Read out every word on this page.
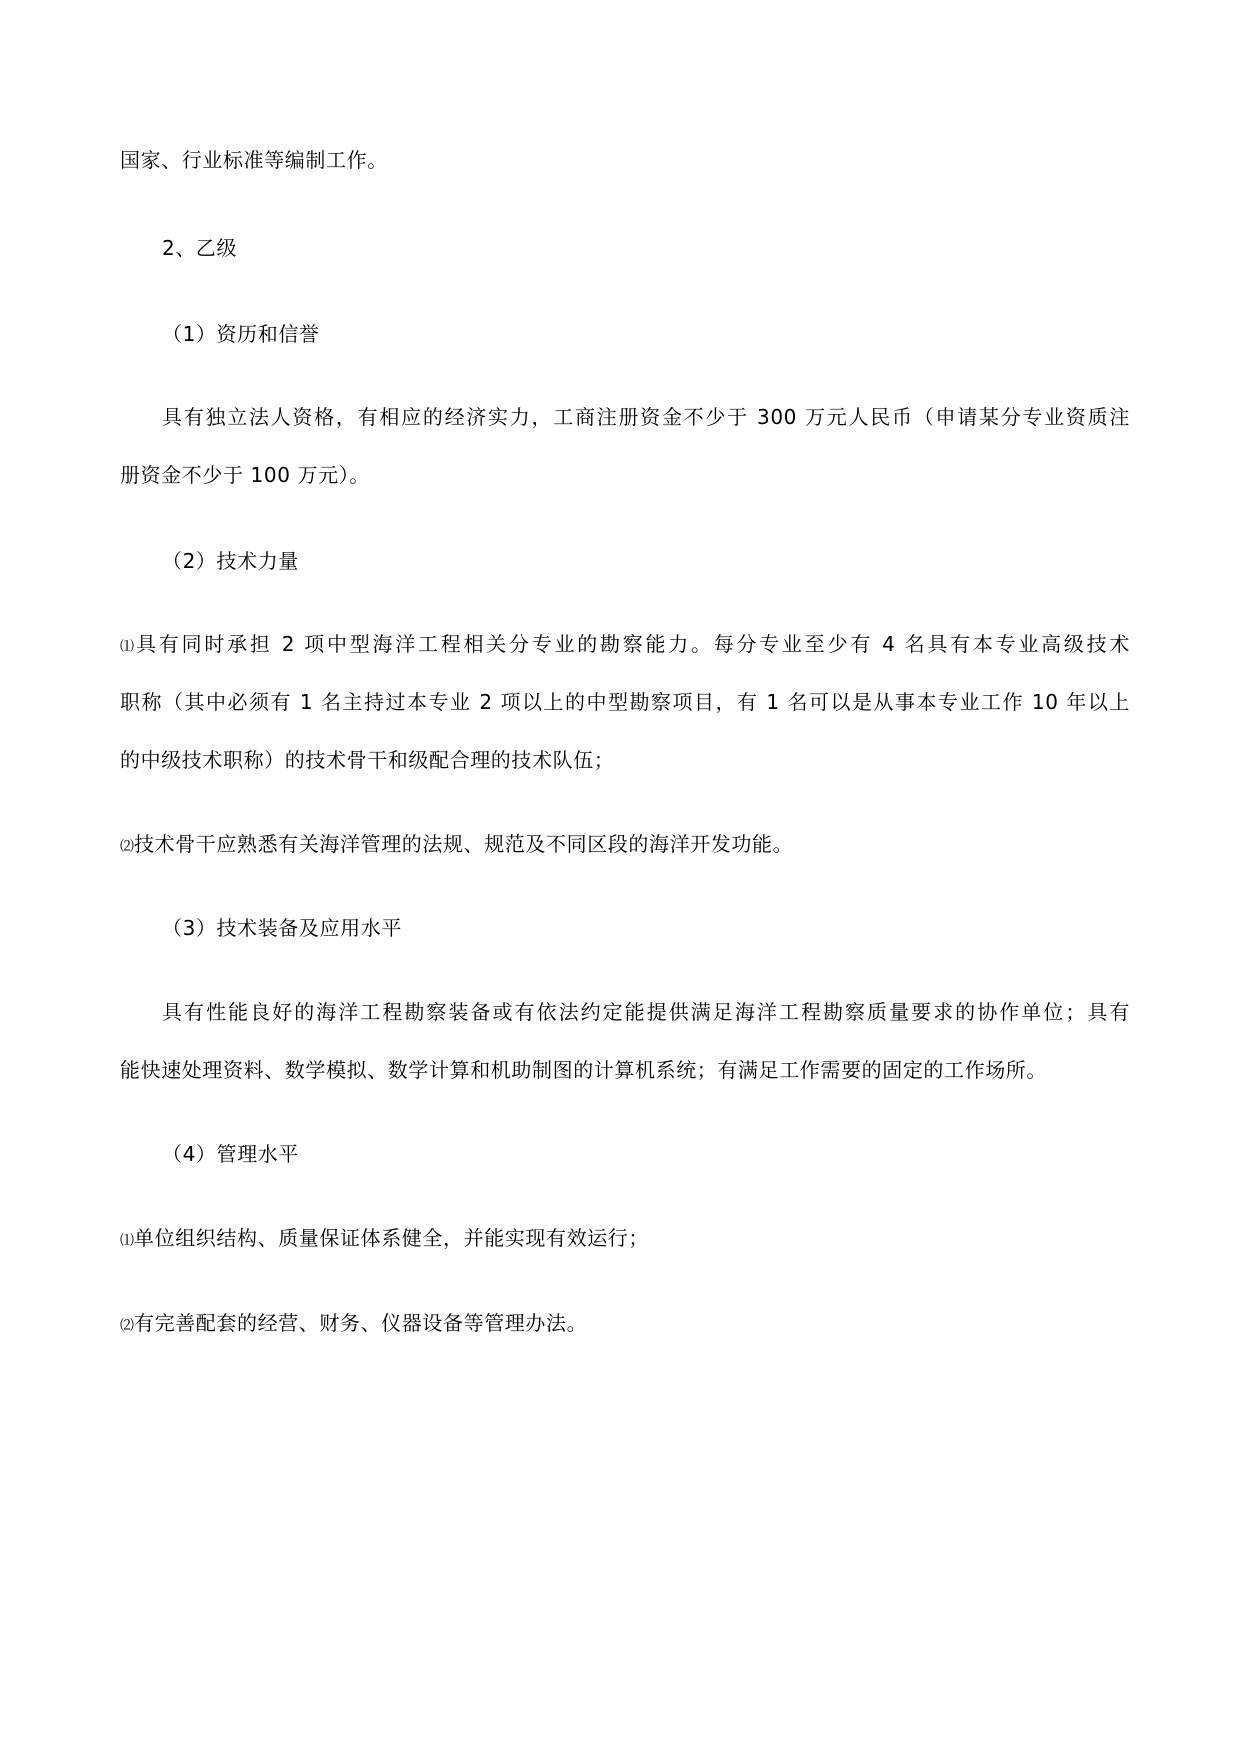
国家、行业标准等编制工作。
2、乙级
（1）资历和信誉
具有独立法人资格，有相应的经济实力，工商注册资金不少于 300 万元人民币（申请某分专业资质注
册资金不少于 100 万元）。
（2）技术力量
⑴具有同时承担 2 项中型海洋工程相关分专业的勘察能力。每分专业至少有 4 名具有本专业高级技术
职称（其中必须有 1 名主持过本专业 2 项以上的中型勘察项目，有 1 名可以是从事本专业工作 10 年以上
的中级技术职称）的技术骨干和级配合理的技术队伍；
⑵技术骨干应熟悉有关海洋管理的法规、规范及不同区段的海洋开发功能。
（3）技术装备及应用水平
具有性能良好的海洋工程勘察装备或有依法约定能提供满足海洋工程勘察质量要求的协作单位；具有
能快速处理资料、数学模拟、数学计算和机助制图的计算机系统；有满足工作需要的固定的工作场所。
（4）管理水平
⑴单位组织结构、质量保证体系健全，并能实现有效运行；
⑵有完善配套的经营、财务、仪器设备等管理办法。
